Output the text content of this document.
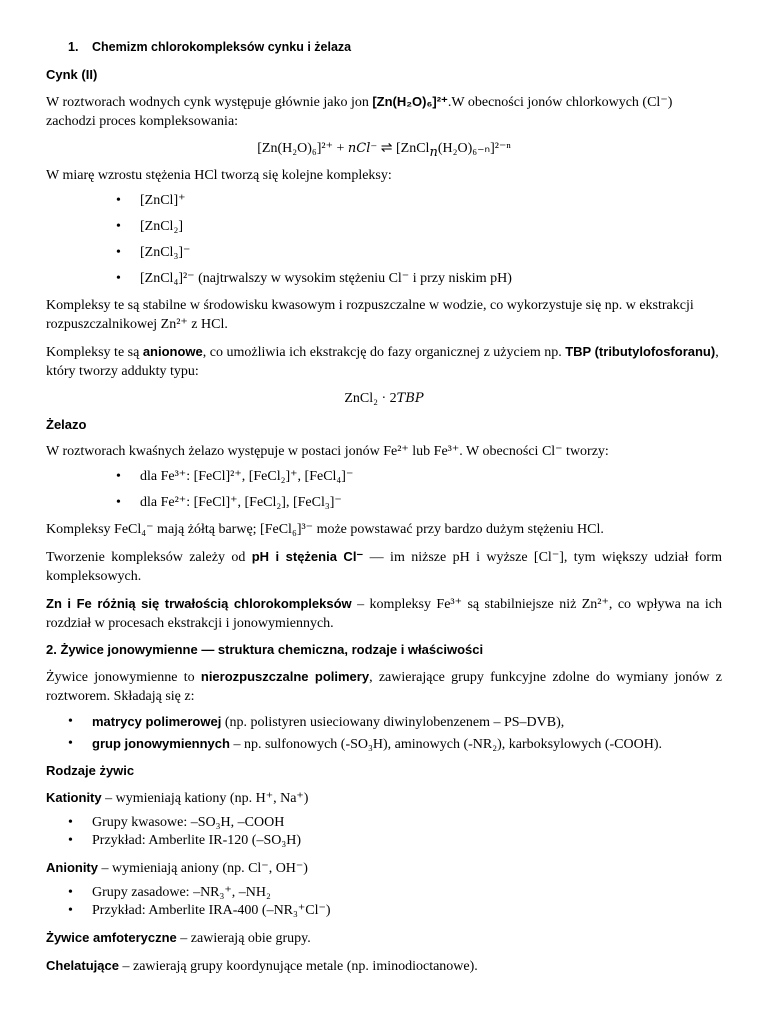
1. Chemizm chlorokompleksów cynku i żelaza
Cynk (II)

W roztworach wodnych cynk występuje głównie jako jon [Zn(H₂O)₆]²⁺.W obecności jonów chlorkowych (Cl⁻) zachodzi proces kompleksowania:

[Zn(H₂O)₆]²⁺ + nCl⁻ ⇌ [ZnCl$_n$(H₂O)₆₋ₙ]²⁻ⁿ

W miarę wzrostu stężenia HCl tworzą się kolejne kompleksy:

• [ZnCl]⁺
• [ZnCl₂]
• [ZnCl₃]⁻
• [ZnCl₄]²⁻ (najtrwalszy w wysokim stężeniu Cl⁻ i przy niskim pH)

Kompleksy te są stabilne w środowisku kwasowym i rozpuszczalne w wodzie, co wykorzystuje się np. w ekstrakcji rozpuszczalnikowej Zn²⁺ z HCl.

Kompleksy te są anionowe, co umożliwia ich ekstrakcję do fazy organicznej z użyciem np. TBP (tributylofosforanu), który tworzy addukty typu:

ZnCl₂ · 2TBP
Żelazo

W roztworach kwaśnych żelazo występuje w postaci jonów Fe²⁺ lub Fe³⁺. W obecności Cl⁻ tworzy:

• dla Fe³⁺: [FeCl]²⁺, [FeCl₂]⁺, [FeCl₄]⁻
• dla Fe²⁺: [FeCl]⁺, [FeCl₂], [FeCl₃]⁻

Kompleksy FeCl₄⁻ mają żółtą barwę; [FeCl₆]³⁻ może powstawać przy bardzo dużym stężeniu HCl.

Tworzenie kompleksów zależy od pH i stężenia Cl⁻ — im niższe pH i wyższe [Cl⁻], tym większy udział form kompleksowych.

Zn i Fe różnią się trwałością chlorokompleksów – kompleksy Fe³⁺ są stabilniejsze niż Zn²⁺, co wpływa na ich rozdział w procesach ekstrakcji i jonowymiennych.

2. Żywice jonowymienne — struktura chemiczna, rodzaje i właściwości

Żywice jonowymienne to nierozpuszczalne polimery, zawierające grupy funkcyjne zdolne do wymiany jonów z roztworem. Składają się z:

• matrycy polimerowej (np. polistyren usieciowany diwinylobenzenem – PS–DVB),
• grup jonowymiennych – np. sulfonowych (-SO₃H), aminowych (-NR₂), karboksylowych (-COOH).
Rodzaje żywic

Kationity – wymieniają kationy (np. H⁺, Na⁺)

• Grupy kwasowe: –SO₃H, –COOH
• Przykład: Amberlite IR-120 (–SO₃H)

Anionity – wymieniają aniony (np. Cl⁻, OH⁻)

• Grupy zasadowe: –NR₃⁺, –NH₂
• Przykład: Amberlite IRA-400 (–NR₃⁺Cl⁻)

Żywice amfoteryczne – zawierają obie grupy.

Chelatujące – zawierają grupy koordynujące metale (np. iminodioctanowe).
